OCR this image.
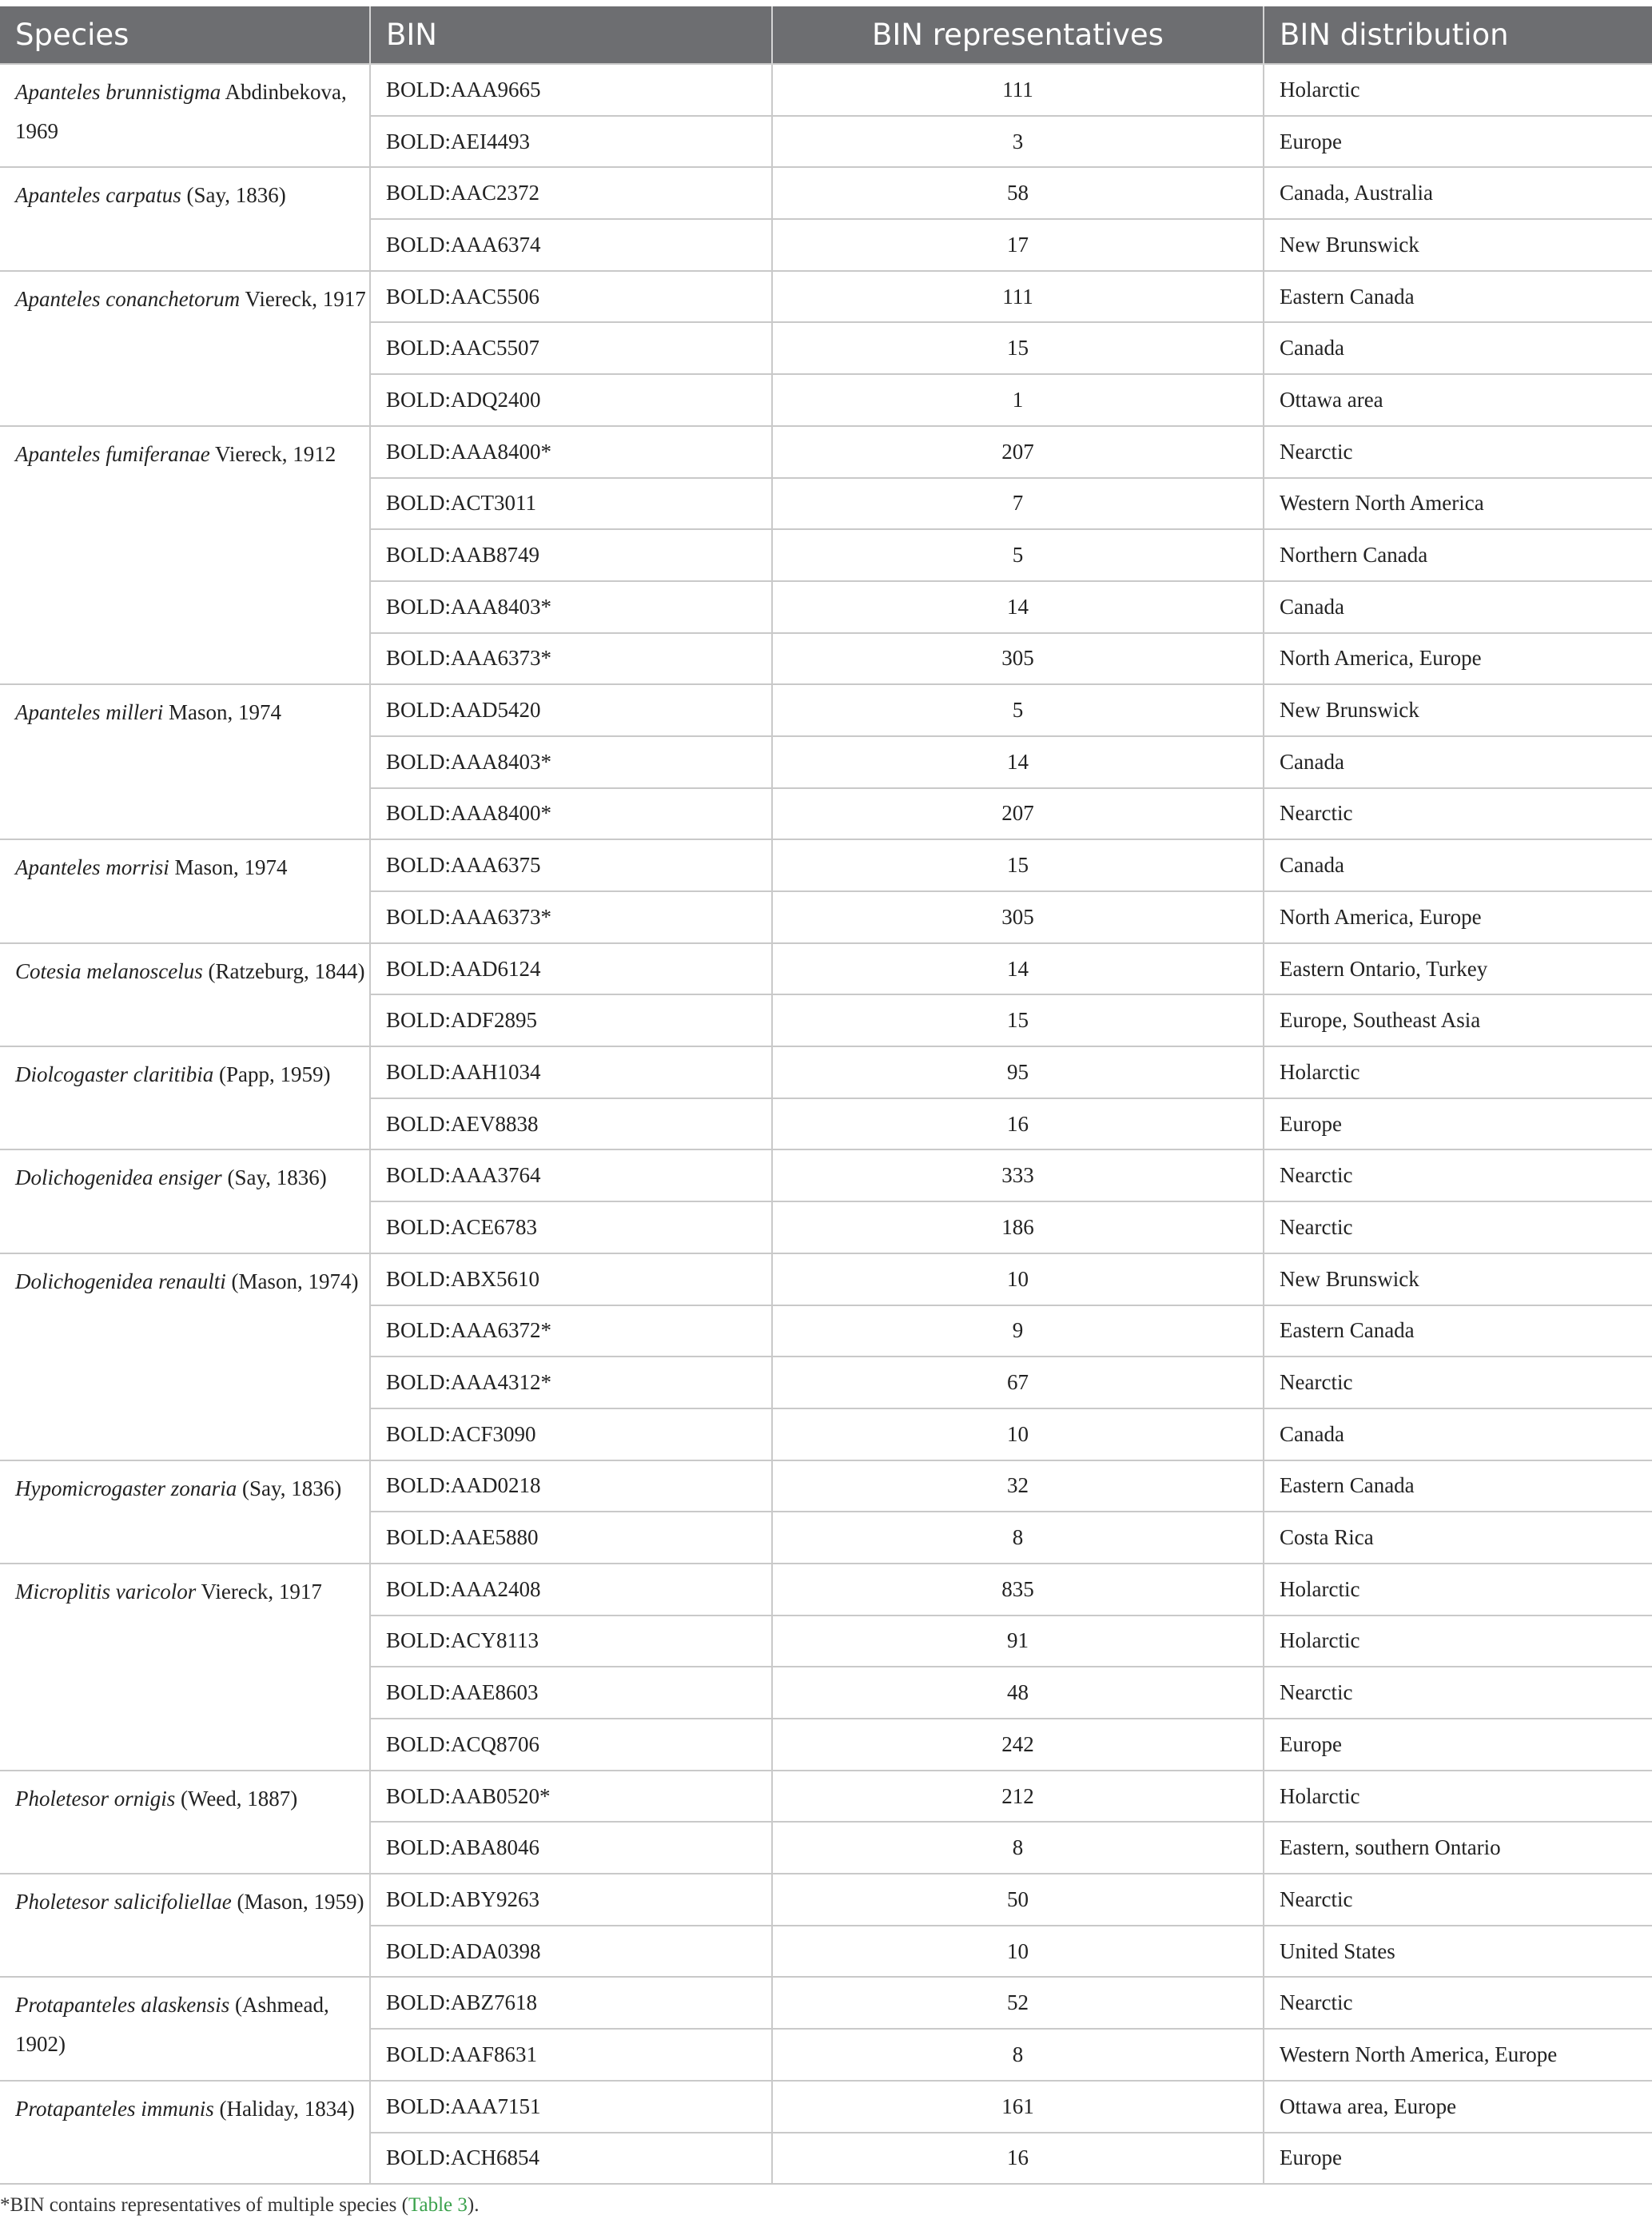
Species	BIN	BIN representatives	BIN distribution
Apanteles brunnistigma Abdinbekova, 1969	BOLD:AAA9665	111	Holarctic
	BOLD:AEI4493	3	Europe
Apanteles carpatus (Say, 1836)	BOLD:AAC2372	58	Canada, Australia
	BOLD:AAA6374	17	New Brunswick
Apanteles conanchetorum Viereck, 1917	BOLD:AAC5506	111	Eastern Canada
	BOLD:AAC5507	15	Canada
	BOLD:ADQ2400	1	Ottawa area
Apanteles fumiferanae Viereck, 1912	BOLD:AAA8400*	207	Nearctic
	BOLD:ACT3011	7	Western North America
	BOLD:AAB8749	5	Northern Canada
	BOLD:AAA8403*	14	Canada
	BOLD:AAA6373*	305	North America, Europe
Apanteles milleri Mason, 1974	BOLD:AAD5420	5	New Brunswick
	BOLD:AAA8403*	14	Canada
	BOLD:AAA8400*	207	Nearctic
Apanteles morrisi Mason, 1974	BOLD:AAA6375	15	Canada
	BOLD:AAA6373*	305	North America, Europe
Cotesia melanoscelus (Ratzeburg, 1844)	BOLD:AAD6124	14	Eastern Ontario, Turkey
	BOLD:ADF2895	15	Europe, Southeast Asia
Diolcogaster claritibia (Papp, 1959)	BOLD:AAH1034	95	Holarctic
	BOLD:AEV8838	16	Europe
Dolichogenidea ensiger (Say, 1836)	BOLD:AAA3764	333	Nearctic
	BOLD:ACE6783	186	Nearctic
Dolichogenidea renaulti (Mason, 1974)	BOLD:ABX5610	10	New Brunswick
	BOLD:AAA6372*	9	Eastern Canada
	BOLD:AAA4312*	67	Nearctic
	BOLD:ACF3090	10	Canada
Hypomicrogaster zonaria (Say, 1836)	BOLD:AAD0218	32	Eastern Canada
	BOLD:AAE5880	8	Costa Rica
Microplitis varicolor Viereck, 1917	BOLD:AAA2408	835	Holarctic
	BOLD:ACY8113	91	Holarctic
	BOLD:AAE8603	48	Nearctic
	BOLD:ACQ8706	242	Europe
Pholetesor ornigis (Weed, 1887)	BOLD:AAB0520*	212	Holarctic
	BOLD:ABA8046	8	Eastern, southern Ontario
Pholetesor salicifoliellae (Mason, 1959)	BOLD:ABY9263	50	Nearctic
	BOLD:ADA0398	10	United States
Protapanteles alaskensis (Ashmead, 1902)	BOLD:ABZ7618	52	Nearctic
	BOLD:AAF8631	8	Western North America, Europe
Protapanteles immunis (Haliday, 1834)	BOLD:AAA7151	161	Ottawa area, Europe
	BOLD:ACH6854	16	Europe
*BIN contains representatives of multiple species (Table 3).
